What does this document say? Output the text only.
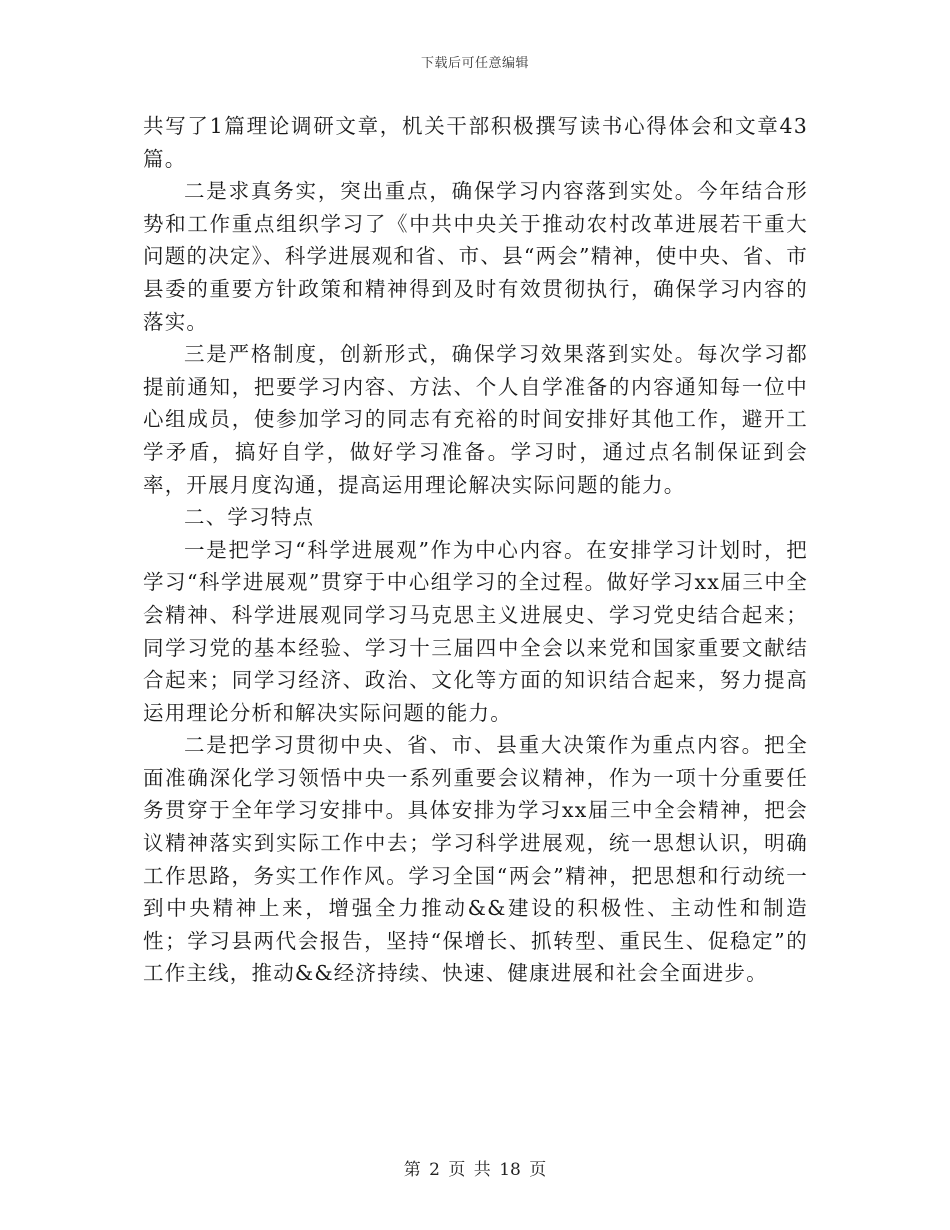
下载后可任意编辑

共写了1篇理论调研文章，机关干部积极撰写读书心得体会和文章43篇。

二是求真务实，突出重点，确保学习内容落到实处。今年结合形势和工作重点组织学习了《中共中央关于推动农村改革进展若干重大问题的决定》、科学进展观和省、市、县“两会”精神，使中央、省、市县委的重要方针政策和精神得到及时有效贯彻执行，确保学习内容的落实。

三是严格制度，创新形式，确保学习效果落到实处。每次学习都提前通知，把要学习内容、方法、个人自学准备的内容通知每一位中心组成员，使参加学习的同志有充裕的时间安排好其他工作，避开工学矛盾，搞好自学，做好学习准备。学习时，通过点名制保证到会率，开展月度沟通，提高运用理论解决实际问题的能力。

二、学习特点

一是把学习“科学进展观”作为中心内容。在安排学习计划时，把学习“科学进展观”贯穿于中心组学习的全过程。做好学习xx届三中全会精神、科学进展观同学习马克思主义进展史、学习党史结合起来；同学习党的基本经验、学习十三届四中全会以来党和国家重要文献结合起来；同学习经济、政治、文化等方面的知识结合起来，努力提高运用理论分析和解决实际问题的能力。

二是把学习贯彻中央、省、市、县重大决策作为重点内容。把全面准确深化学习领悟中央一系列重要会议精神，作为一项十分重要任务贯穿于全年学习安排中。具体安排为学习xx届三中全会精神，把会议精神落实到实际工作中去；学习科学进展观，统一思想认识，明确工作思路，务实工作作风。学习全国“两会”精神，把思想和行动统一到中央精神上来，增强全力推动&&建设的积极性、主动性和制造性；学习县两代会报告，坚持“保增长、抓转型、重民生、促稳定”的工作主线，推动&&经济持续、快速、健康进展和社会全面进步。

第 2 页 共 18 页
